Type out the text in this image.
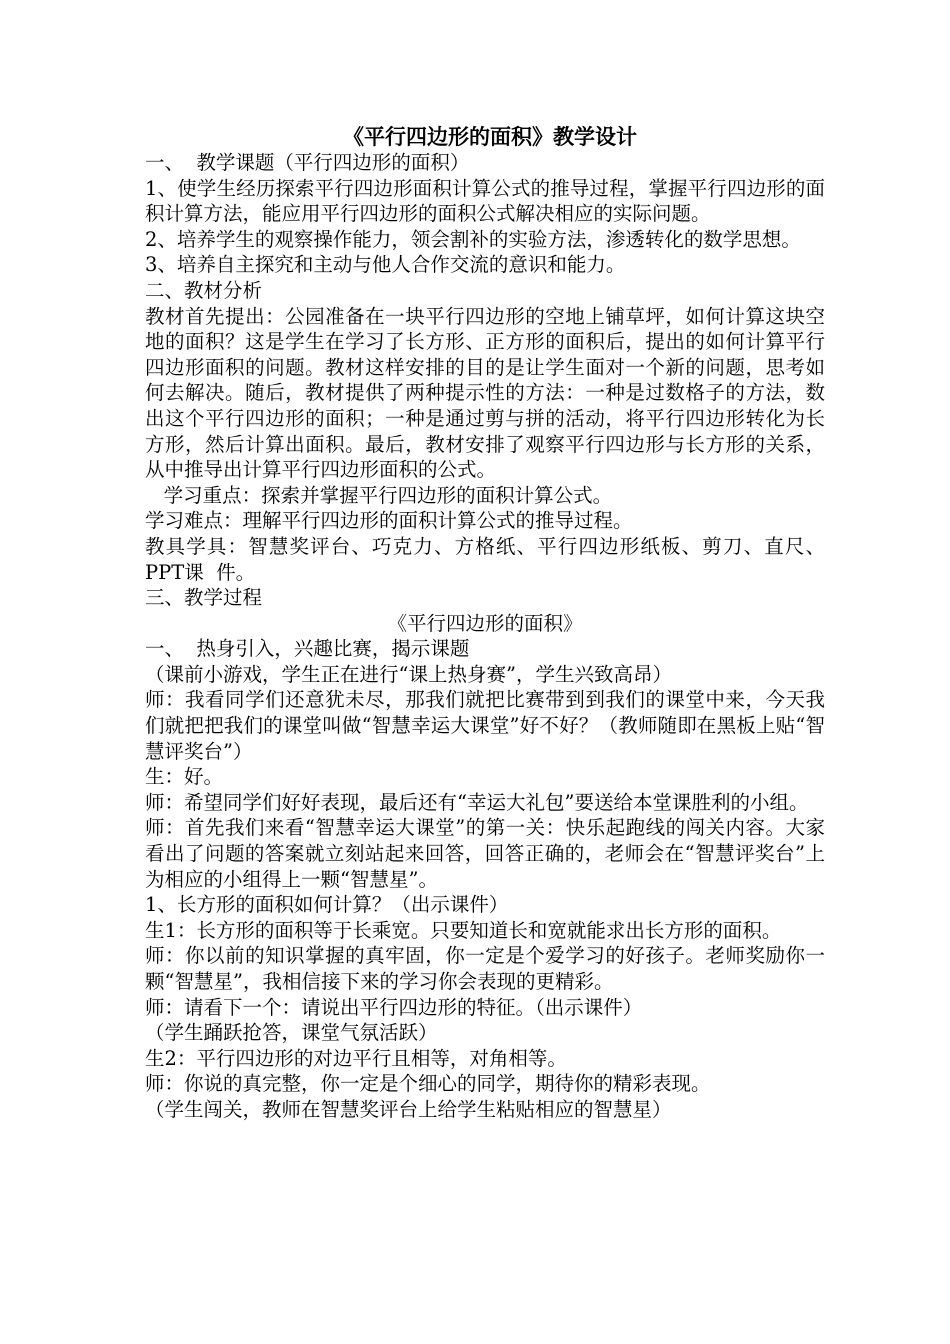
《平行四边形的面积》教学设计

一、  教学课题（平行四边形的面积）

1、使学生经历探索平行四边形面积计算公式的推导过程，掌握平行四边形的面积计算方法，能应用平行四边形的面积公式解决相应的实际问题。

2、培养学生的观察操作能力，领会割补的实验方法，渗透转化的数学思想。

3、培养自主探究和主动与他人合作交流的意识和能力。

二、教材分析

教材首先提出：公园准备在一块平行四边形的空地上铺草坪，如何计算这块空地的面积？这是学生在学习了长方形、正方形的面积后，提出的如何计算平行四边形面积的问题。教材这样安排的目的是让学生面对一个新的问题，思考如何去解决。随后，教材提供了两种提示性的方法：一种是过数格子的方法，数出这个平行四边形的面积；一种是通过剪与拼的活动，将平行四边形转化为长方形，然后计算出面积。最后，教材安排了观察平行四边形与长方形的关系，从中推导出计算平行四边形面积的公式。

学习重点：探索并掌握平行四边形的面积计算公式。

学习难点：理解平行四边形的面积计算公式的推导过程。

教具学具：智慧奖评台、巧克力、方格纸、平行四边形纸板、剪刀、直尺、PPT课  件。

三、教学过程

《平行四边形的面积》

一、  热身引入，兴趣比赛，揭示课题

（课前小游戏，学生正在进行“课上热身赛”，学生兴致高昂）

师：我看同学们还意犹未尽，那我们就把比赛带到到我们的课堂中来，今天我们就把把我们的课堂叫做“智慧幸运大课堂”好不好？（教师随即在黑板上贴“智慧评奖台”）

生：好。

师：希望同学们好好表现，最后还有“幸运大礼包”要送给本堂课胜利的小组。

师：首先我们来看“智慧幸运大课堂”的第一关：快乐起跑线的闯关内容。大家看出了问题的答案就立刻站起来回答，回答正确的，老师会在“智慧评奖台”上为相应的小组得上一颗“智慧星”。

1、长方形的面积如何计算？（出示课件）

生1：长方形的面积等于长乘宽。只要知道长和宽就能求出长方形的面积。

师：你以前的知识掌握的真牢固，你一定是个爱学习的好孩子。老师奖励你一颗“智慧星”，我相信接下来的学习你会表现的更精彩。

师：请看下一个：请说出平行四边形的特征。（出示课件）

（学生踊跃抢答，课堂气氛活跃）

生2：平行四边形的对边平行且相等，对角相等。

师：你说的真完整，你一定是个细心的同学，期待你的精彩表现。

（学生闯关，教师在智慧奖评台上给学生粘贴相应的智慧星）
